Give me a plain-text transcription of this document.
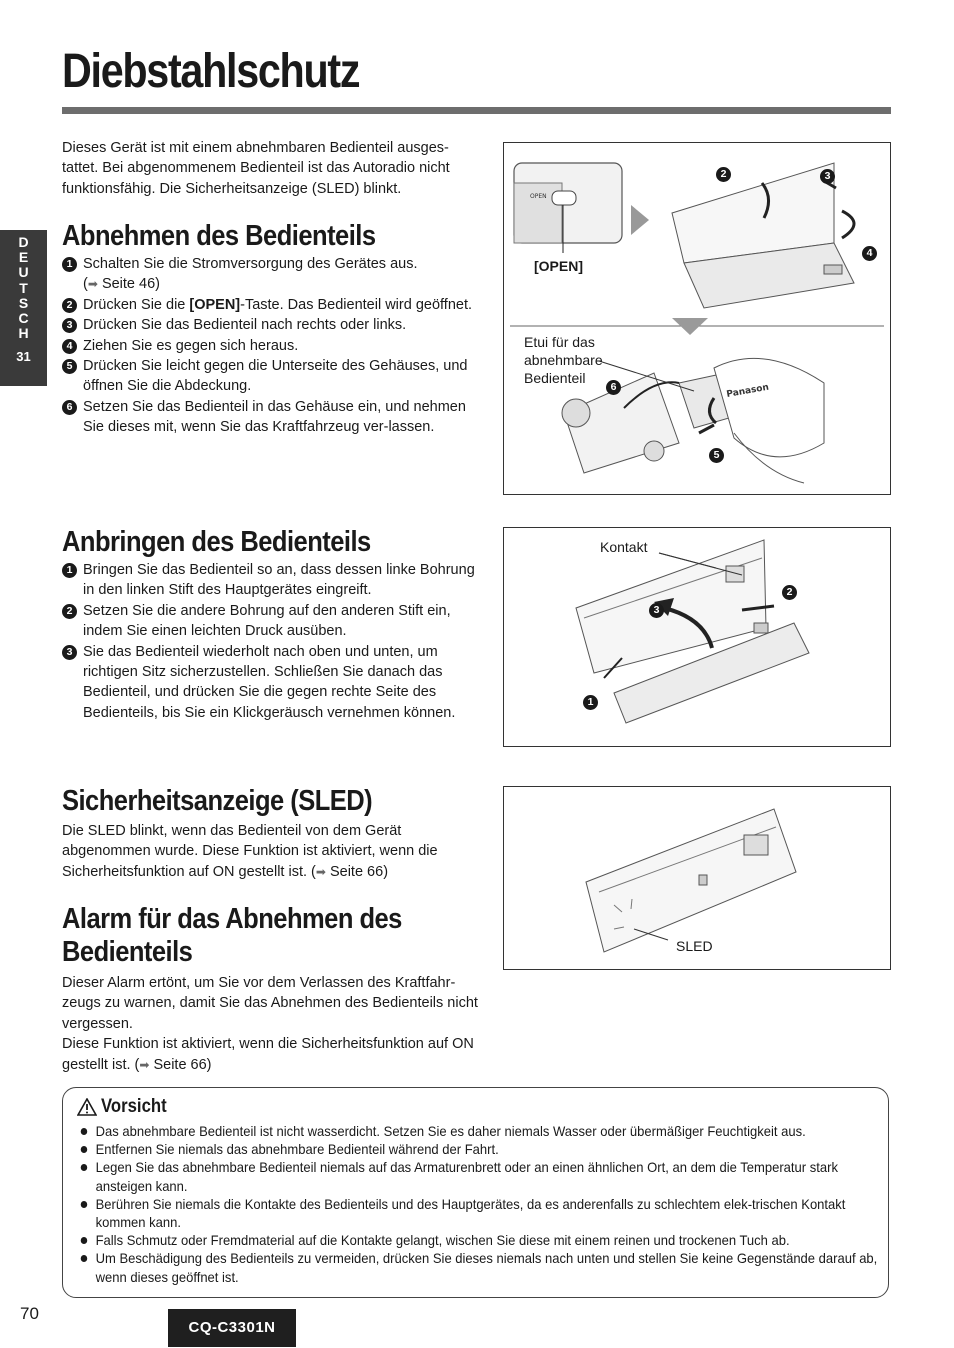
Diebstahlschutz
D
E
U
T
S
C
H
31

Dieses Gerät ist mit einem abnehmbaren Bedienteil ausges-tattet. Bei abgenommenem Bedienteil ist das Autoradio nicht funktionsfähig. Die Sicherheitsanzeige (SLED) blinkt.

Abnehmen des Bedienteils
1 Schalten Sie die Stromversorgung des Gerätes aus.
(➡ Seite 46)
2 Drücken Sie die [OPEN]-Taste. Das Bedienteil wird geöffnet.
3 Drücken Sie das Bedienteil nach rechts oder links.
4 Ziehen Sie es gegen sich heraus.
5 Drücken Sie leicht gegen die Unterseite des Gehäuses, und öffnen Sie die Abdeckung.
6 Setzen Sie das Bedienteil in das Gehäuse ein, und nehmen Sie dieses mit, wenn Sie das Kraftfahrzeug ver-lassen.
Anbringen des Bedienteils
1 Bringen Sie das Bedienteil so an, dass dessen linke Bohrung in den linken Stift des Hauptgerätes eingreift.
2 Setzen Sie die andere Bohrung auf den anderen Stift ein, indem Sie einen leichten Druck ausüben.
3 Sie das Bedienteil wiederholt nach oben und unten, um richtigen Sitz sicherzustellen. Schließen Sie danach das Bedienteil, und drücken Sie die gegen rechte Seite des Bedienteils, bis Sie ein Klickgeräusch vernehmen können.
Sicherheitsanzeige (SLED)

Die SLED blinkt, wenn das Bedienteil von dem Gerät abgenommen wurde. Diese Funktion ist aktiviert, wenn die Sicherheitsfunktion auf ON gestellt ist. (➡ Seite 66)

Alarm für das Abnehmen des Bedienteils

Dieser Alarm ertönt, um Sie vor dem Verlassen des Kraftfahr-zeugs zu warnen, damit Sie das Abnehmen des Bedienteils nicht vergessen.

Diese Funktion ist aktiviert, wenn die Sicherheitsfunktion auf ON gestellt ist. (➡ Seite 66)

OPEN
Panason
[OPEN]
Etui für das abnehmbare Bedienteil
2	3
4
5
6
Kontakt
1
2
3
SLED
Vorsicht
Das abnehmbare Bedienteil ist nicht wasserdicht. Setzen Sie es daher niemals Wasser oder übermäßiger Feuchtigkeit aus.
Entfernen Sie niemals das abnehmbare Bedienteil während der Fahrt.
Legen Sie das abnehmbare Bedienteil niemals auf das Armaturenbrett oder an einen ähnlichen Ort, an dem die Temperatur stark ansteigen kann.
Berühren Sie niemals die Kontakte des Bedienteils und des Hauptgerätes, da es anderenfalls zu schlechtem elek-trischen Kontakt kommen kann.
Falls Schmutz oder Fremdmaterial auf die Kontakte gelangt, wischen Sie diese mit einem reinen und trockenen Tuch ab.
Um Beschädigung des Bedienteils zu vermeiden, drücken Sie dieses niemals nach unten und stellen Sie keine Gegenstände darauf ab, wenn dieses geöffnet ist.
70
CQ-C3301N
